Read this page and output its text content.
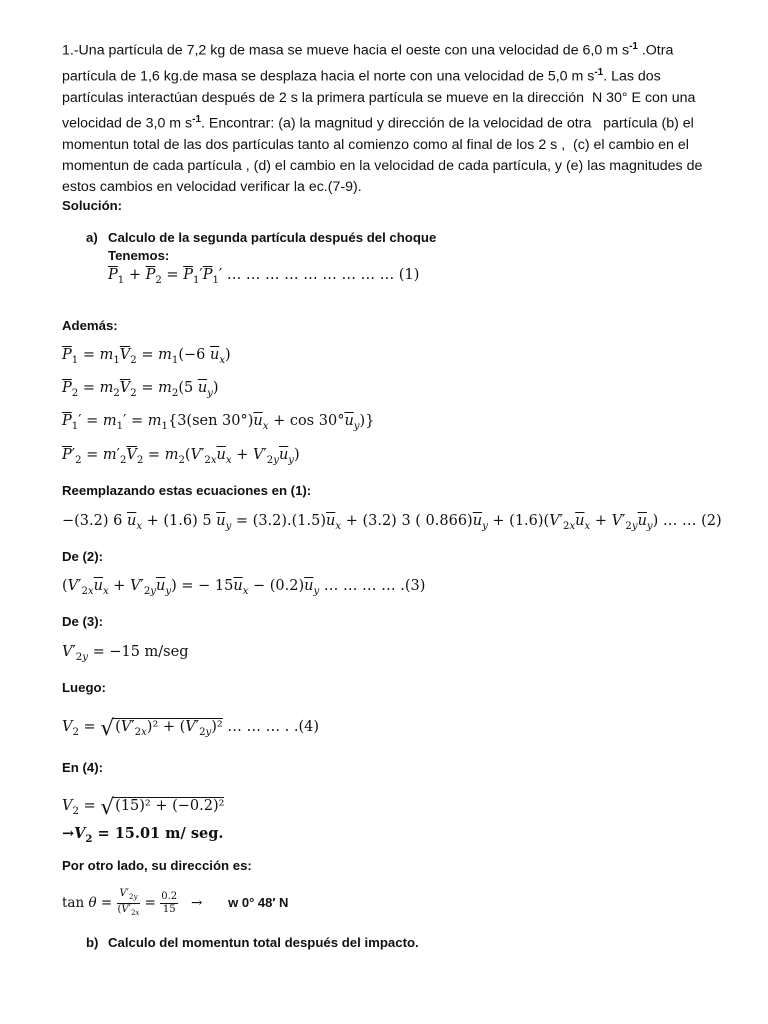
1.-Una partícula de 7,2 kg de masa se mueve hacia el oeste con una velocidad de 6,0 m $s^{-1}$ .Otra partícula de 1,6 kg.de masa se desplaza hacia el norte con una velocidad de 5,0 m $s^{-1}$. Las dos partículas interactúan después de 2 s la primera partícula se mueve en la dirección  N 30° E con una velocidad de 3,0 m $s^{-1}$. Encontrar: (a) la magnitud y dirección de la velocidad de otra   partícula (b) el momentun total de las dos partículas tanto al comienzo como al final de los 2 s ,  (c) el cambio en el momentun de cada partícula , (d) el cambio en la velocidad de cada partícula, y (e) las magnitudes de estos cambios en velocidad verificar la ec.(7-9).
Solución:
a) Calculo de la segunda partícula después del choque
Tenemos:
$\overline{P}_1 + \overline{P}_2 = \overline{P}_1'\overline{P}_1'$ … … … … … … … … … (1)
Además:
$\overline{P}_1 = m_1\overline{V}_2 = m_1(-6$ $\overline{u}_x$)
$\overline{P}_2 = m_2\overline{V}_2 = m_2(5$ $\overline{u}_y$)
$\overline{P}_1' = m_1' = m_1\{3(sen$ $30^\circ)\overline{u}_x + \cos 30^\circ\overline{u}_y$)}
$\overline{P}'_2 = m'_2\overline{V}_2 = m_2(V'_{2x}\overline{u}_x + V'_{2y}\overline{u}_y)$
Reemplazando estas ecuaciones en (1):
−(3.2) 6 $\overline{u}_x + (1.6)$ 5 $\overline{u}_y = (3.2).(1.5)\overline{u}_x + (3.2)$ 3 ( $0.866)\overline{u}_y + (1.6)(V'_{2x}\overline{u}_x + V'_{2y}\overline{u}_y)$ … … (2)
De (2):
$(V'_{2x}\overline{u}_x + V'_{2y}\overline{u}_y)$ = − $15\overline{u}_x - (0.2)\overline{u}_y$ … … … … .(3)
De (3):
$V'_{2y} = -15$ m/seg
Luego:
$V_2 = √(V'_{2x})^2 + (V'_{2y})^2$ … … … . .(4)
En (4):
$V_2 = √(15)^2 + (-0.2)^2$
$\to V_2 = 15.01$ m/ seg.
Por otro lado, su dirección es:
$\tan \theta = \frac{V'_{2y}}{(V'_{2x}} = \frac{0.2}{15} \to w$ 0° 48′ N
b) Calculo del momentun total después del impacto.
